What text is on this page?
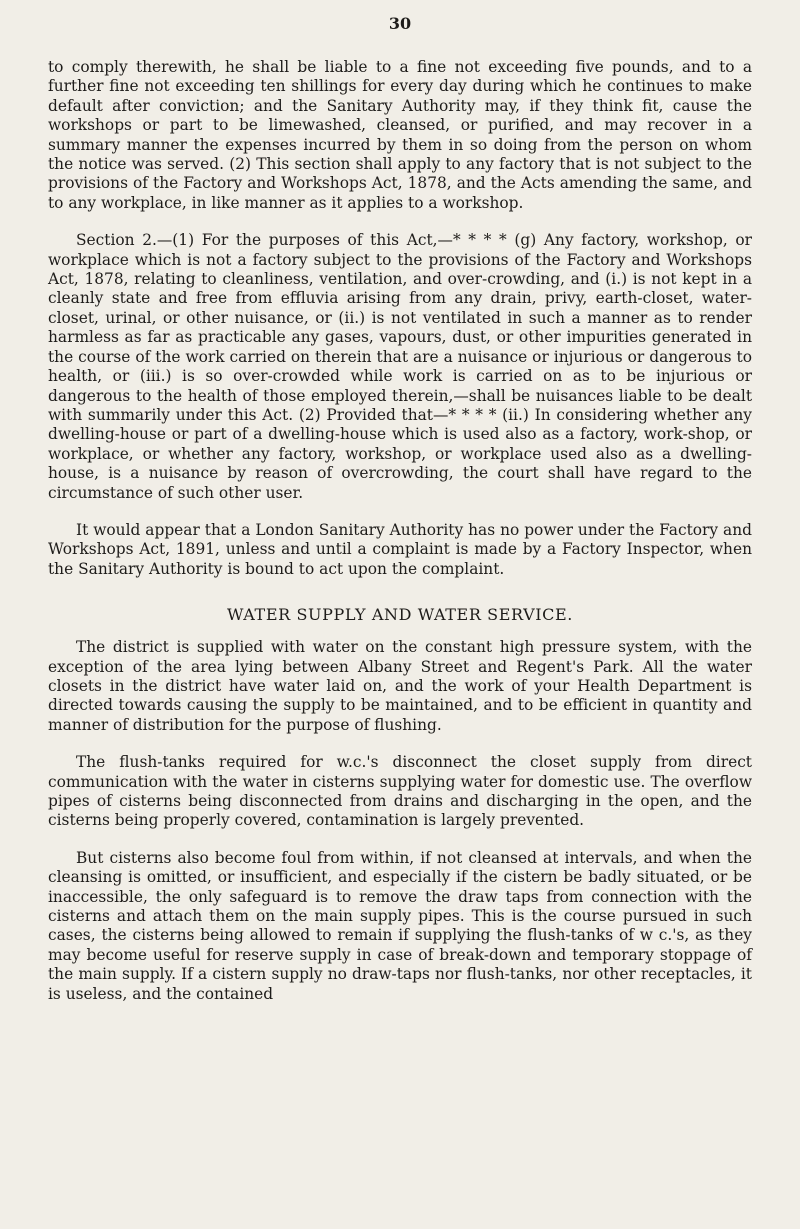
30

to comply therewith, he shall be liable to a fine not exceeding five pounds, and to a further fine not exceeding ten shillings for every day during which he continues to make default after conviction; and the Sanitary Authority may, if they think fit, cause the workshops or part to be limewashed, cleansed, or purified, and may recover in a summary manner the expenses incurred by them in so doing from the person on whom the notice was served. (2) This section shall apply to any factory that is not subject to the provisions of the Factory and Workshops Act, 1878, and the Acts amending the same, and to any workplace, in like manner as it applies to a workshop.

Section 2.—(1) For the purposes of this Act,—* * * * (g) Any factory, workshop, or workplace which is not a factory subject to the provisions of the Factory and Workshops Act, 1878, relating to cleanliness, ventilation, and over-crowding, and (i.) is not kept in a cleanly state and free from effluvia arising from any drain, privy, earth-closet, water-closet, urinal, or other nuisance, or (ii.) is not ventilated in such a manner as to render harmless as far as practicable any gases, vapours, dust, or other impurities generated in the course of the work carried on therein that are a nuisance or injurious or dangerous to health, or (iii.) is so over-crowded while work is carried on as to be injurious or dangerous to the health of those employed therein,—shall be nuisances liable to be dealt with summarily under this Act. (2) Provided that—* * * * (ii.) In considering whether any dwelling-house or part of a dwelling-house which is used also as a factory, work-shop, or workplace, or whether any factory, workshop, or workplace used also as a dwelling-house, is a nuisance by reason of overcrowding, the court shall have regard to the circumstance of such other user.

It would appear that a London Sanitary Authority has no power under the Factory and Workshops Act, 1891, unless and until a complaint is made by a Factory Inspector, when the Sanitary Authority is bound to act upon the complaint.

WATER SUPPLY AND WATER SERVICE.

The district is supplied with water on the constant high pressure system, with the exception of the area lying between Albany Street and Regent's Park. All the water closets in the district have water laid on, and the work of your Health Department is directed towards causing the supply to be maintained, and to be efficient in quantity and manner of distribution for the purpose of flushing.

The flush-tanks required for w.c.'s disconnect the closet supply from direct communication with the water in cisterns supplying water for domestic use. The overflow pipes of cisterns being disconnected from drains and discharging in the open, and the cisterns being properly covered, contamination is largely prevented.

But cisterns also become foul from within, if not cleansed at intervals, and when the cleansing is omitted, or insufficient, and especially if the cistern be badly situated, or be inaccessible, the only safeguard is to remove the draw taps from connection with the cisterns and attach them on the main supply pipes. This is the course pursued in such cases, the cisterns being allowed to remain if supplying the flush-tanks of w c.'s, as they may become useful for reserve supply in case of break-down and temporary stoppage of the main supply. If a cistern supply no draw-taps nor flush-tanks, nor other receptacles, it is useless, and the contained
